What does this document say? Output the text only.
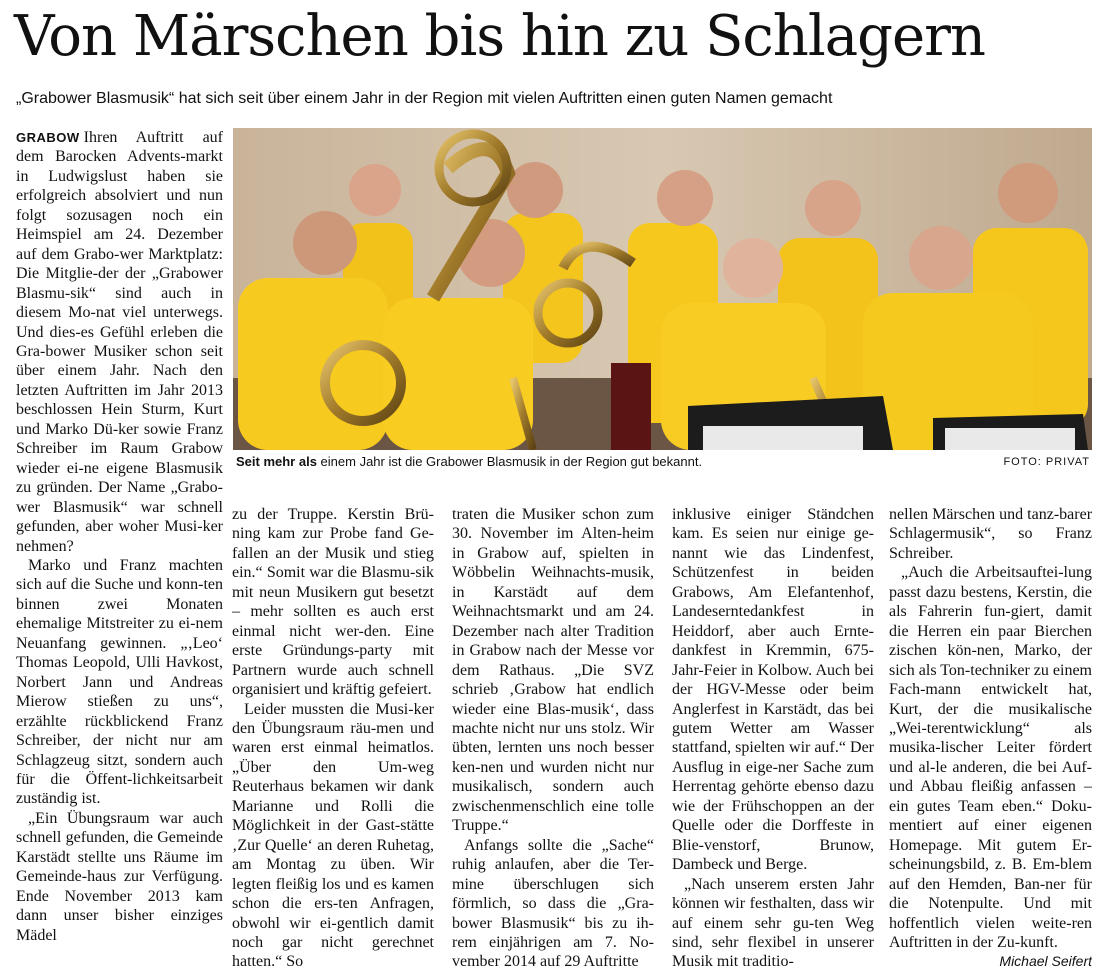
Von Märschen bis hin zu Schlagern
„Grabower Blasmusik“ hat sich seit über einem Jahr in der Region mit vielen Auftritten einen guten Namen gemacht

GRABOW Ihren Auftritt auf dem Barocken Advents-markt in Ludwigslust haben sie erfolgreich absolviert und nun folgt sozusagen noch ein Heimspiel am 24. Dezember auf dem Grabo-wer Marktplatz: Die Mitglie-der der „Grabower Blasmu-sik“ sind auch in diesem Mo-nat viel unterwegs. Und dies-es Gefühl erleben die Gra-bower Musiker schon seit über einem Jahr. Nach den letzten Auftritten im Jahr 2013 beschlossen Hein Sturm, Kurt und Marko Dü-ker sowie Franz Schreiber im Raum Grabow wieder ei-ne eigene Blasmusik zu gründen. Der Name „Grabo-wer Blasmusik“ war schnell gefunden, aber woher Musi-ker nehmen?

Marko und Franz machten sich auf die Suche und konn-ten binnen zwei Monaten ehemalige Mitstreiter zu ei-nem Neuanfang gewinnen. „‚Leo‘ Thomas Leopold, Ulli Havkost, Norbert Jann und Andreas Mierow stießen zu uns“, erzählte rückblickend Franz Schreiber, der nicht nur am Schlagzeug sitzt, sondern auch für die Öffent-lichkeitsarbeit zuständig ist.

„Ein Übungsraum war auch schnell gefunden, die Gemeinde Karstädt stellte uns Räume im Gemeinde-haus zur Verfügung. Ende November 2013 kam dann unser bisher einziges Mädel

Seit mehr als einem Jahr ist die Grabower Blasmusik in der Region gut bekannt.	FOTO: PRIVAT

zu der Truppe. Kerstin Brü-ning kam zur Probe fand Ge-fallen an der Musik und stieg ein.“ Somit war die Blasmu-sik mit neun Musikern gut besetzt – mehr sollten es auch erst einmal nicht wer-den. Eine erste Gründungs-party mit Partnern wurde auch schnell organisiert und kräftig gefeiert.

Leider mussten die Musi-ker den Übungsraum räu-men und waren erst einmal heimatlos. „Über den Um-weg Reuterhaus bekamen wir dank Marianne und Rolli die Möglichkeit in der Gast-stätte ‚Zur Quelle‘ an deren Ruhetag, am Montag zu üben. Wir legten fleißig los und es kamen schon die ers-ten Anfragen, obwohl wir ei-gentlich damit noch gar nicht gerechnet hatten.“ So

traten die Musiker schon zum 30. November im Alten-heim in Grabow auf, spielten in Wöbbelin Weihnachts-musik, in Karstädt auf dem Weihnachtsmarkt und am 24. Dezember nach alter Tradition in Grabow nach der Messe vor dem Rathaus. „Die SVZ schrieb ‚Grabow hat endlich wieder eine Blas-musik‘, dass machte nicht nur uns stolz. Wir übten, lernten uns noch besser ken-nen und wurden nicht nur musikalisch, sondern auch zwischenmenschlich eine tolle Truppe.“

Anfangs sollte die „Sache“ ruhig anlaufen, aber die Ter-mine überschlugen sich förmlich, so dass die „Gra-bower Blasmusik“ bis zu ih-rem einjährigen am 7. No-vember 2014 auf 29 Auftritte

inklusive einiger Ständchen kam. Es seien nur einige ge-nannt wie das Lindenfest, Schützenfest in beiden Grabows, Am Elefantenhof, Landeserntedankfest in Heiddorf, aber auch Ernte-dankfest in Kremmin, 675-Jahr-Feier in Kolbow. Auch bei der HGV-Messe oder beim Anglerfest in Karstädt, das bei gutem Wetter am Wasser stattfand, spielten wir auf.“ Der Ausflug in eige-ner Sache zum Herrentag gehörte ebenso dazu wie der Frühschoppen an der Quelle oder die Dorffeste in Blie-venstorf, Brunow, Dambeck und Berge.

„Nach unserem ersten Jahr können wir festhalten, dass wir auf einem sehr gu-ten Weg sind, sehr flexibel in unserer Musik mit traditio-

nellen Märschen und tanz-barer Schlagermusik“, so Franz Schreiber.

„Auch die Arbeitsauftei-lung passt dazu bestens, Kerstin, die als Fahrerin fun-giert, damit die Herren ein paar Bierchen zischen kön-nen, Marko, der sich als Ton-techniker zu einem Fach-mann entwickelt hat, Kurt, der die musikalische „Wei-terentwicklung“ als musika-lischer Leiter fördert und al-le anderen, die bei Auf-und Abbau fleißig anfassen – ein gutes Team eben.“ Doku-mentiert auf einer eigenen Homepage. Mit gutem Er-scheinungsbild, z. B. Em-blem auf den Hemden, Ban-ner für die Notenpulte. Und mit hoffentlich vielen weite-ren Auftritten in der Zu-kunft.

Michael Seifert
